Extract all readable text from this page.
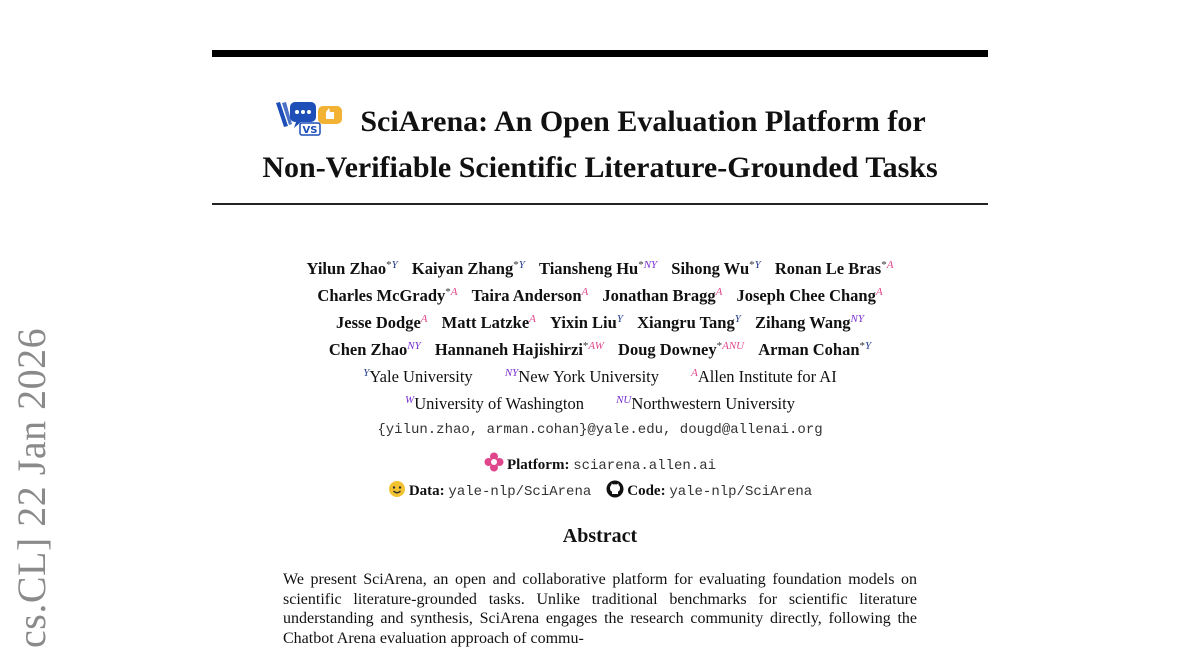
cs.CL] 22 Jan 2026
VS SciArena: An Open Evaluation Platform for
Non-Verifiable Scientific Literature-Grounded Tasks
Yilun Zhao$^{*Y}$ Kaiyan Zhang$^{*Y}$ Tiansheng $Hu^{*NY}$ Sihong $Wu^{*Y}$ Ronan Le Bras$^{*A}$
Charles McGrady$^{*A}$ Taira Anderson$^A$ Jonathan Bragg$^A$ Joseph Chee Chang$^A$
Jesse Dodge$^A$ Matt Latzke$^A$ Yixin Liu$^Y$ Xiangru Tang$^Y$ Zihang Wang$^{NY}$
Chen Zhao$^{NY}$ Hannaneh Hajishirzi$^{*AW}$ Doug Downey$^{*ANU}$ Arman Cohan$^{*Y}$
$^Y$Yale University	$^{NY}$New York University	$^A$Allen Institute for AI
$^W$University of Washington	$^{NU}$Northwestern University
{yilun.zhao, arman.cohan}@yale.edu, dougd@allenai.org
Platform: sciarena.allen.ai
Data: yale-nlp/SciArena Code: yale-nlp/SciArena
Abstract
We present SciArena, an open and collaborative platform for evaluating foundation models on scientific literature-grounded tasks. Unlike traditional benchmarks for scientific literature understanding and synthesis, SciArena engages the research community directly, following the Chatbot Arena evaluation approach of commu-
